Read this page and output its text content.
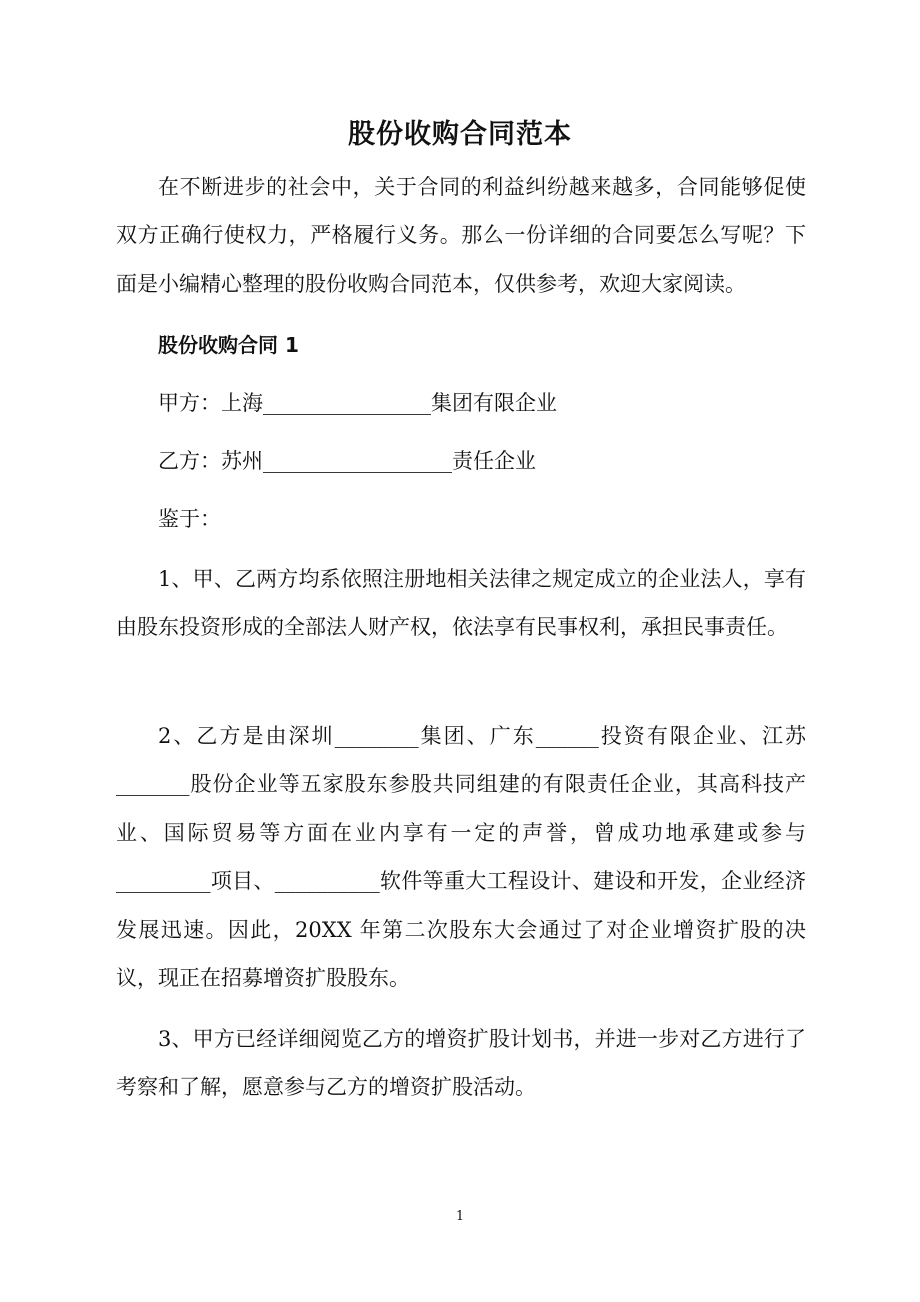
股份收购合同范本

在不断进步的社会中，关于合同的利益纠纷越来越多，合同能够促使双方正确行使权力，严格履行义务。那么一份详细的合同要怎么写呢？下面是小编精心整理的股份收购合同范本，仅供参考，欢迎大家阅读。

股份收购合同 1
甲方：上海________________集团有限企业
乙方：苏州__________________责任企业
鉴于：

1、甲、乙两方均系依照注册地相关法律之规定成立的企业法人，享有由股东投资形成的全部法人财产权，依法享有民事权利，承担民事责任。

2、乙方是由深圳________集团、广东______投资有限企业、江苏_______股份企业等五家股东参股共同组建的有限责任企业，其高科技产业、国际贸易等方面在业内享有一定的声誉，曾成功地承建或参与_________项目、__________软件等重大工程设计、建设和开发，企业经济发展迅速。因此，20XX 年第二次股东大会通过了对企业增资扩股的决议，现正在招募增资扩股股东。

3、甲方已经详细阅览乙方的增资扩股计划书，并进一步对乙方进行了考察和了解，愿意参与乙方的增资扩股活动。

1
